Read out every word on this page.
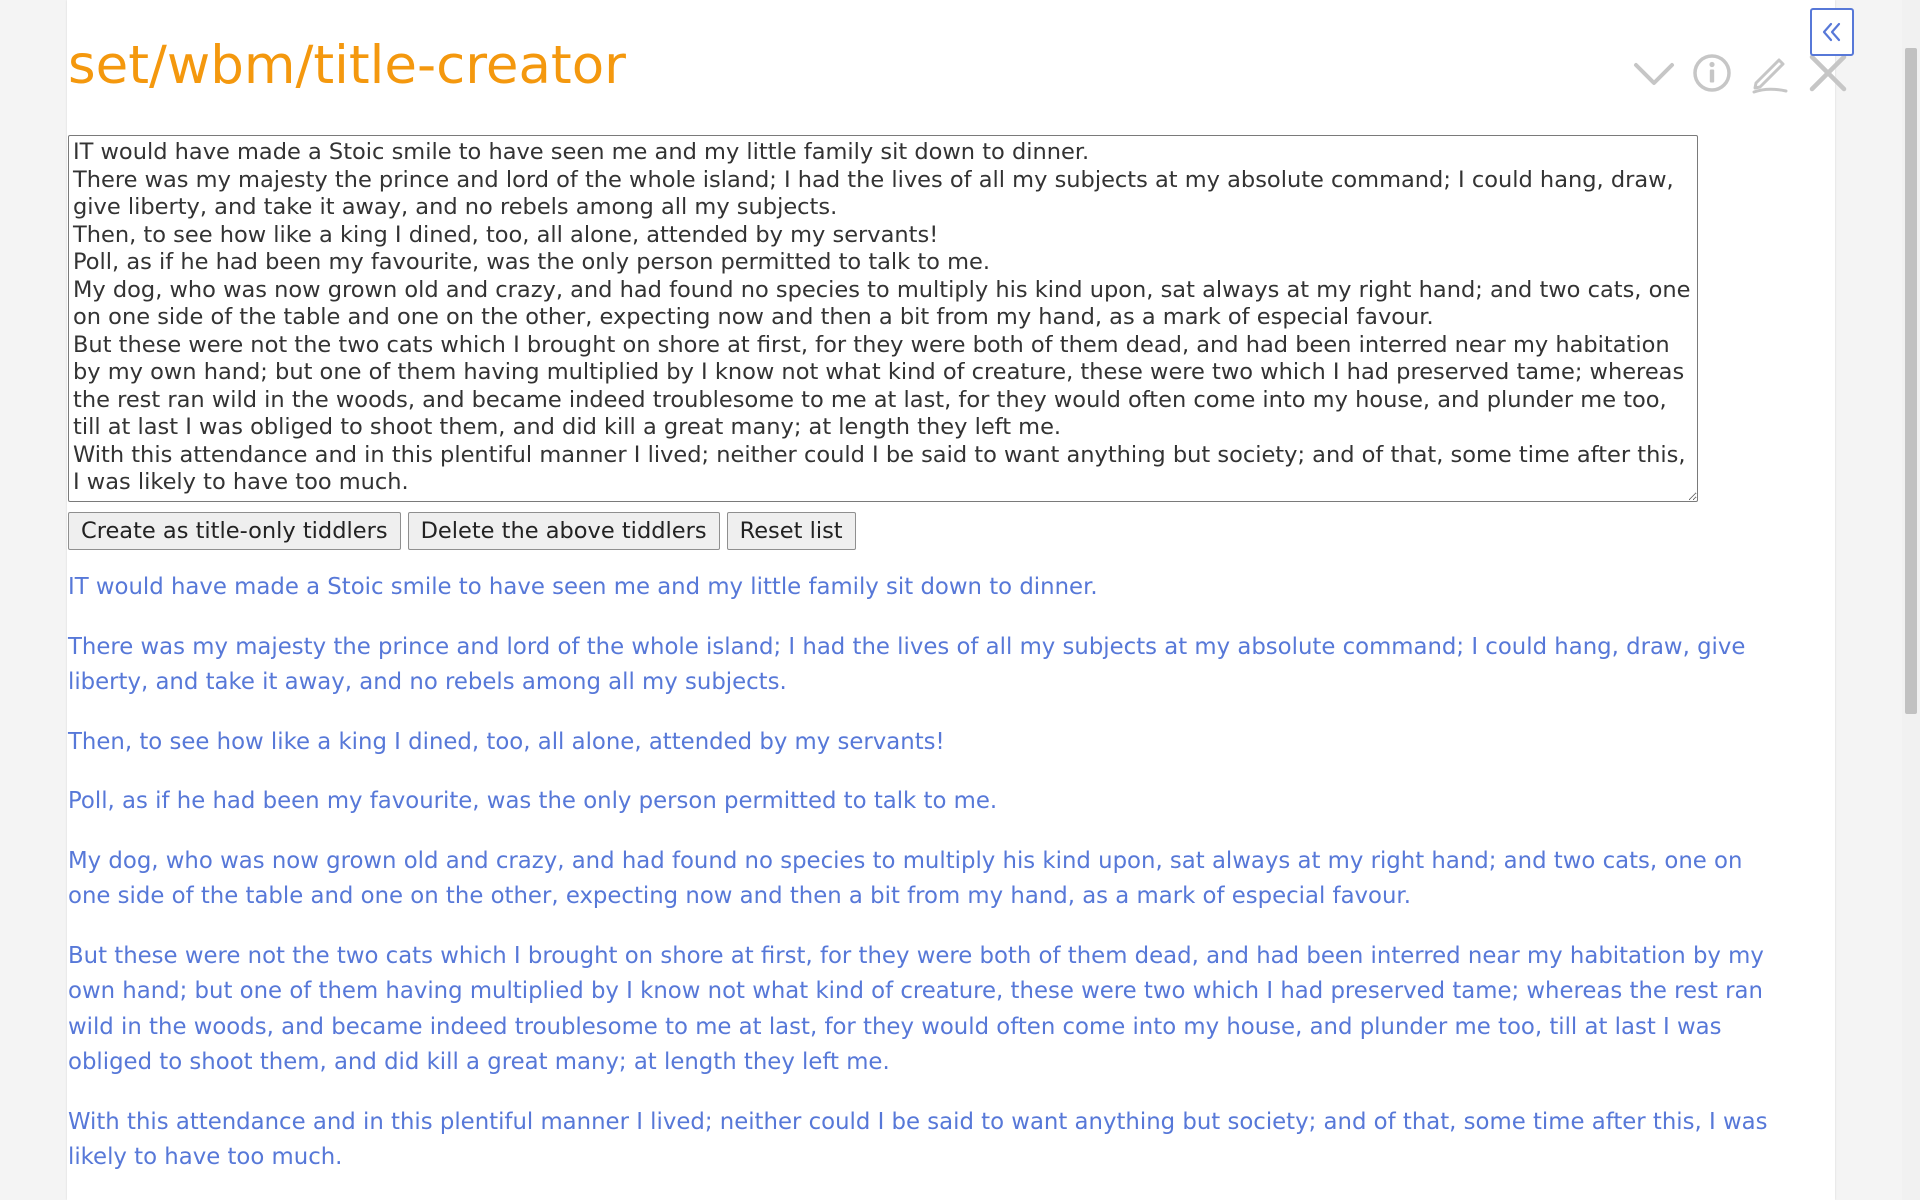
set/wbm/title-creator
IT would have made a Stoic smile to have seen me and my little family sit down to dinner. There was my majesty the prince and lord of the whole island; I had the lives of all my subjects at my absolute command; I could hang, draw, give liberty, and take it away, and no rebels among all my subjects. Then, to see how like a king I dined, too, all alone, attended by my servants! Poll, as if he had been my favourite, was the only person permitted to talk to me. My dog, who was now grown old and crazy, and had found no species to multiply his kind upon, sat always at my right hand; and two cats, one on one side of the table and one on the other, expecting now and then a bit from my hand, as a mark of especial favour. But these were not the two cats which I brought on shore at first, for they were both of them dead, and had been interred near my habitation by my own hand; but one of them having multiplied by I know not what kind of creature, these were two which I had preserved tame; whereas the rest ran wild in the woods, and became indeed troublesome to me at last, for they would often come into my house, and plunder me too, till at last I was obliged to shoot them, and did kill a great many; at length they left me. With this attendance and in this plentiful manner I lived; neither could I be said to want anything but society; and of that, some time after this, I was likely to have too much.
Create as title-only tiddlers	Delete the above tiddlers	Reset list

IT would have made a Stoic smile to have seen me and my little family sit down to dinner.

There was my majesty the prince and lord of the whole island; I had the lives of all my subjects at my absolute command; I could hang, draw, give liberty, and take it away, and no rebels among all my subjects.

Then, to see how like a king I dined, too, all alone, attended by my servants!

Poll, as if he had been my favourite, was the only person permitted to talk to me.

My dog, who was now grown old and crazy, and had found no species to multiply his kind upon, sat always at my right hand; and two cats, one on one side of the table and one on the other, expecting now and then a bit from my hand, as a mark of especial favour.

But these were not the two cats which I brought on shore at first, for they were both of them dead, and had been interred near my habitation by my own hand; but one of them having multiplied by I know not what kind of creature, these were two which I had preserved tame; whereas the rest ran wild in the woods, and became indeed troublesome to me at last, for they would often come into my house, and plunder me too, till at last I was obliged to shoot them, and did kill a great many; at length they left me.

With this attendance and in this plentiful manner I lived; neither could I be said to want anything but society; and of that, some time after this, I was likely to have too much.
